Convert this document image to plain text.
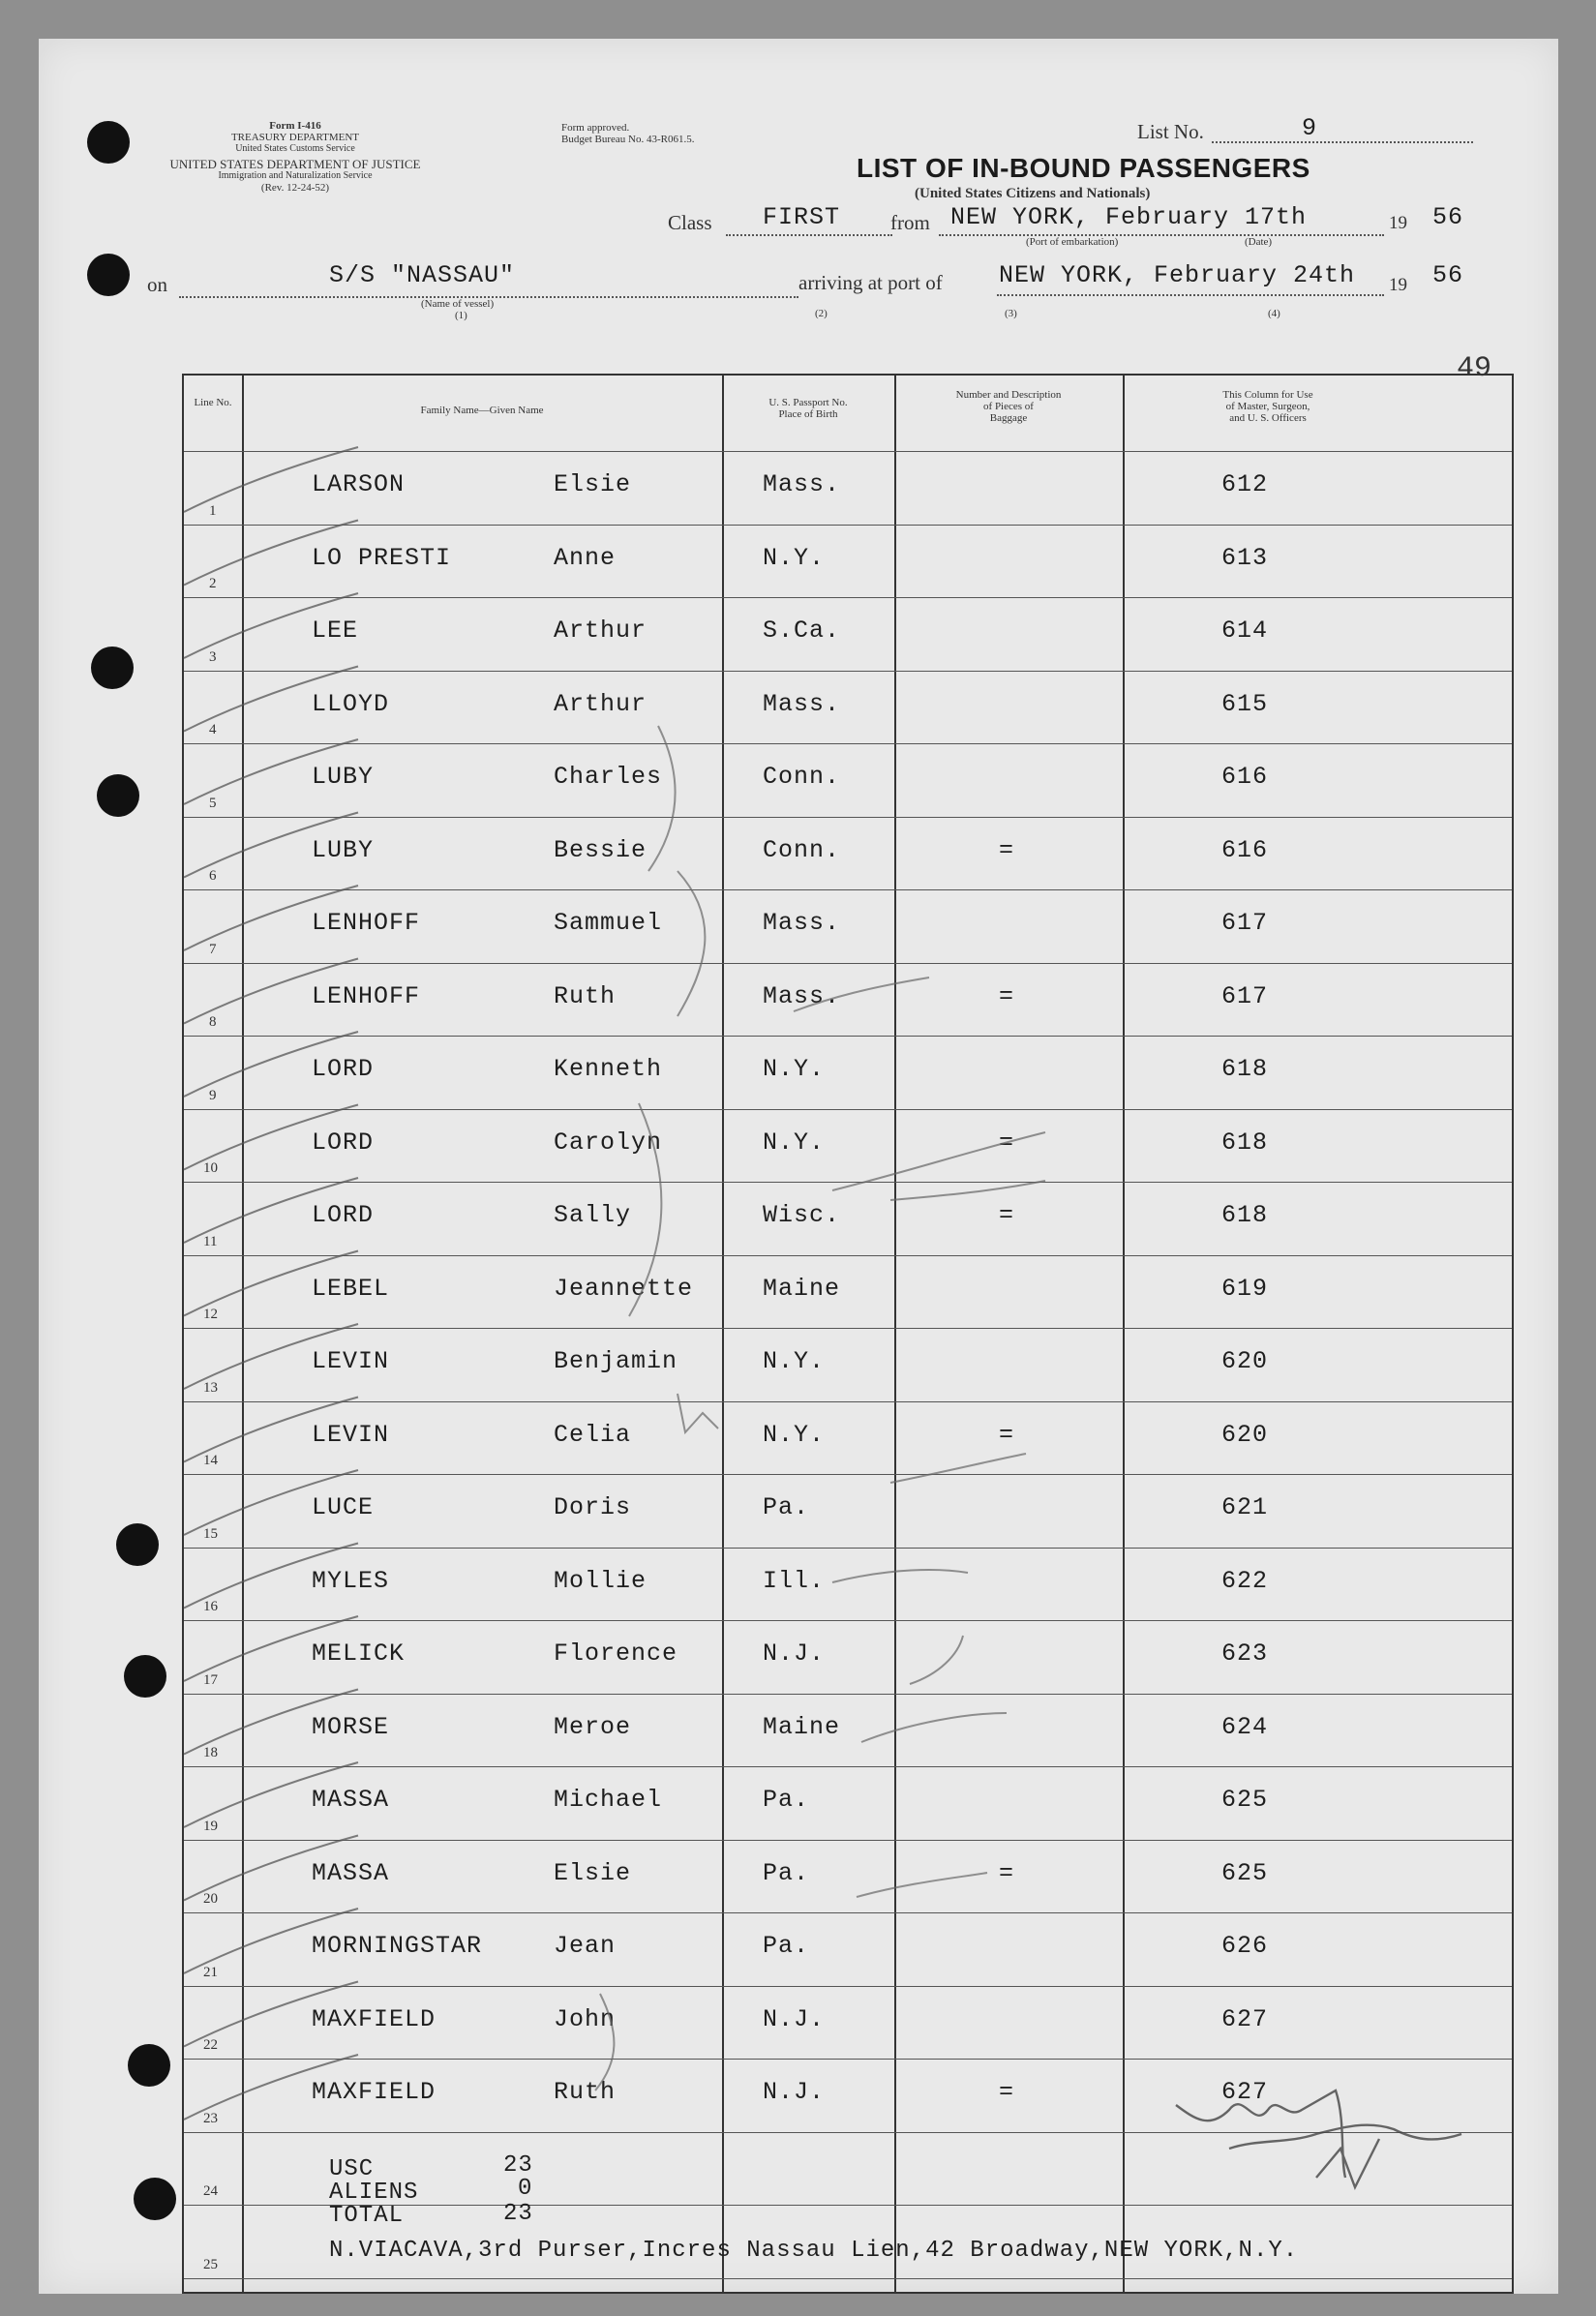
Form I-416
TREASURY DEPARTMENT
United States Customs Service
UNITED STATES DEPARTMENT OF JUSTICE
Immigration and Naturalization Service
(Rev. 12-24-52)
Form approved.
Budget Bureau No. 43-R061.5.	List No.	9
LIST OF IN-BOUND PASSENGERS
(United States Citizens and Nationals)
Class FIRST from NEW YORK, February 17th	19 56
(Port of embarkation)	(Date)
on	S/S "NASSAU"
(Name of vessel)
arriving at port of NEW YORK, February 24th 19 56
(1)	(2)	(3)	(4)
49
Line No.
Family Name—Given Name
U. S. Passport No.
Place of Birth
Number and Description
of Pieces of
Baggage
This Column for Use
of Master, Surgeon,
and U. S. Officers
1
LARSON	Elsie	Mass.	612
2
LO PRESTI	Anne	N.Y.	613
3
LEE	Arthur	S.Ca.	614
4
LLOYD	Arthur	Mass.	615
5
LUBY	Charles	Conn.	616
6
LUBY	Bessie	Conn.	=	616
7
LENHOFF	Sammuel	Mass.	617
8
LENHOFF	Ruth	Mass.	=	617
9
LORD	Kenneth	N.Y.	618
10
LORD	Carolyn	N.Y.	=	618
11
LORD	Sally	Wisc.	=	618
12
LEBEL	Jeannette	Maine	619
13
LEVIN	Benjamin	N.Y.	620
14
LEVIN	Celia	N.Y.	=	620
15
LUCE	Doris	Pa.	621
16
MYLES	Mollie	Ill.	622
17
MELICK	Florence	N.J.	623
18
MORSE	Meroe	Maine	624
19
MASSA	Michael	Pa.	625
20
MASSA	Elsie	Pa.	=	625
21
MORNINGSTAR	Jean	Pa.	626
22
MAXFIELD	John	N.J.	627
23
MAXFIELD	Ruth	N.J.	=	627
24
25
USC	23
ALIENS	0
TOTAL	23
N.VIACAVA,3rd Purser,Incres Nassau Lien,42 Broadway,NEW YORK,N.Y.
